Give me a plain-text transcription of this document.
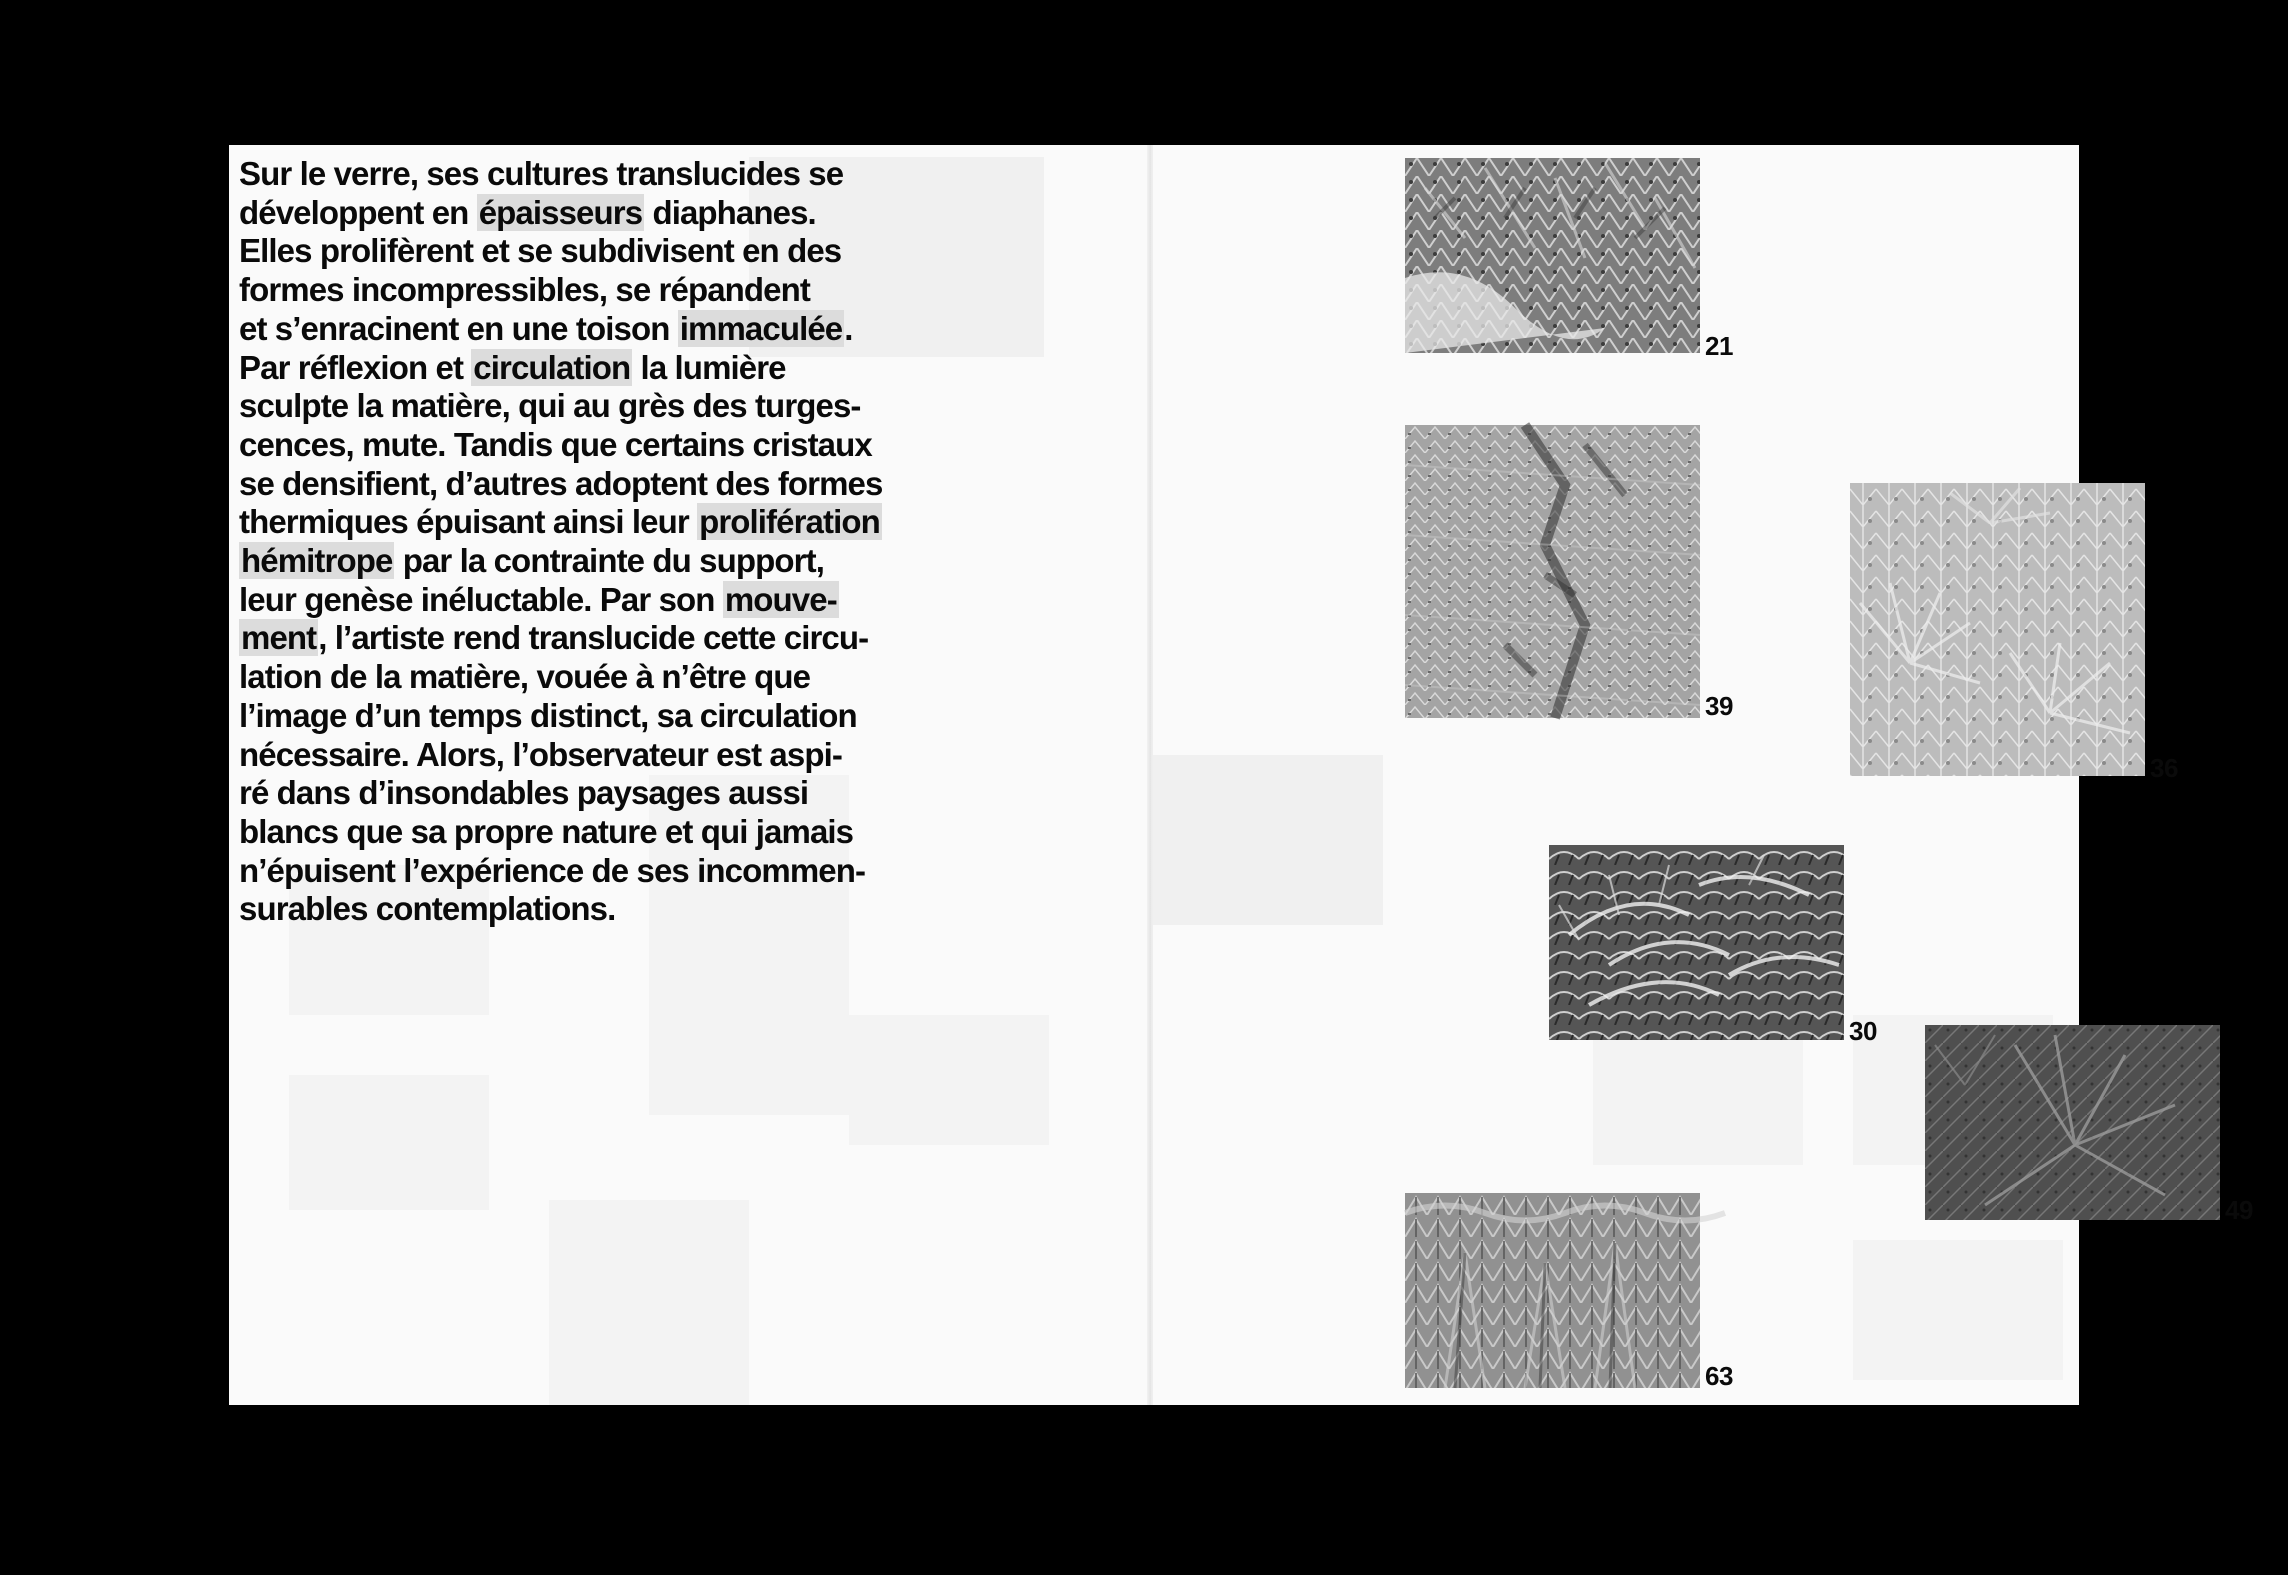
Sur le verre, ses cultures translucides se
développent en épaisseurs diaphanes.
Elles prolifèrent et se subdivisent en des
formes incompressibles, se répandent
et s’enracinent en une toison immaculée.
Par réflexion et circulation la lumière
sculpte la matière, qui au grès des turges-
cences, mute. Tandis que certains cristaux
se densifient, d’autres adoptent des formes
thermiques épuisant ainsi leur prolifération
hémitrope par la contrainte du support,
leur genèse inéluctable. Par son mouve-
ment, l’artiste rend translucide cette circu-
lation de la matière, vouée à n’être que
l’image d’un temps distinct, sa circulation
nécessaire. Alors, l’observateur est aspi-
ré dans d’insondables paysages aussi
blancs que sa propre nature et qui jamais
n’épuisent l’expérience de ses incommen-
surables contemplations.

21
39
36
30
49
63
